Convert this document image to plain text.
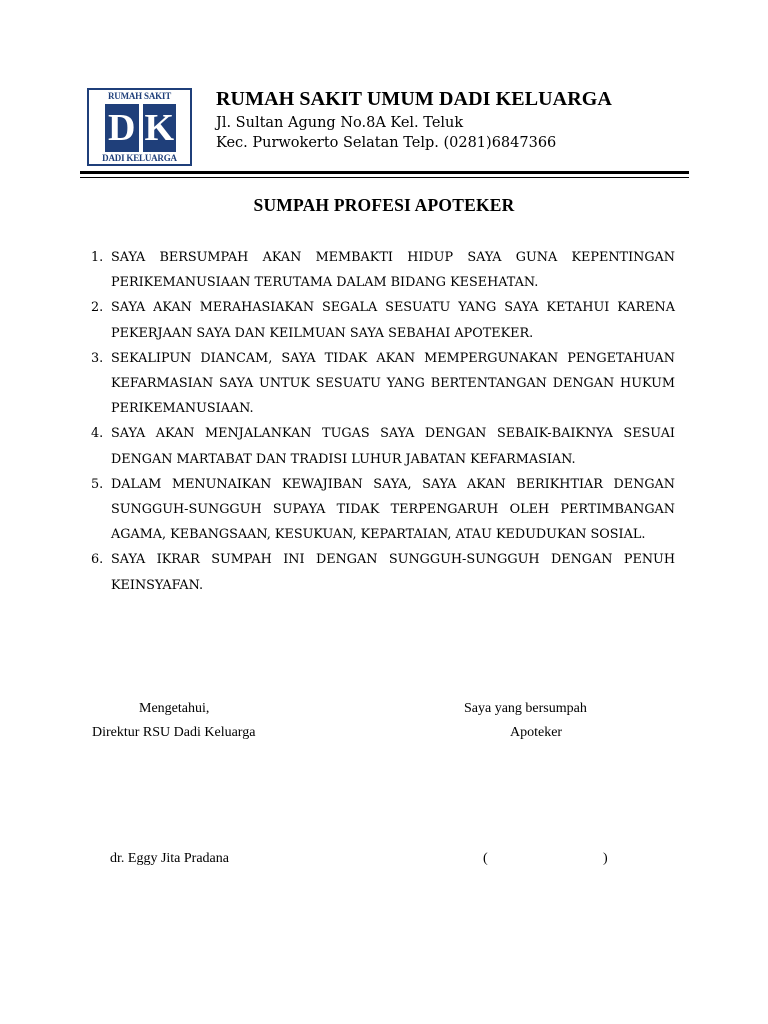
RUMAH SAKIT
D K
DADI KELUARGA
RUMAH SAKIT UMUM DADI KELUARGA
Jl. Sultan Agung No.8A Kel. Teluk
Kec. Purwokerto Selatan Telp. (0281)6847366
SUMPAH PROFESI APOTEKER
1. SAYA BERSUMPAH AKAN MEMBAKTI HIDUP SAYA GUNA KEPENTINGAN PERIKEMANUSIAAN TERUTAMA DALAM BIDANG KESEHATAN.
2. SAYA AKAN MERAHASIAKAN SEGALA SESUATU YANG SAYA KETAHUI KARENA PEKERJAAN SAYA DAN KEILMUAN SAYA SEBAHAI APOTEKER.
3. SEKALIPUN DIANCAM, SAYA TIDAK AKAN MEMPERGUNAKAN PENGETAHUAN KEFARMASIAN SAYA UNTUK SESUATU YANG BERTENTANGAN DENGAN HUKUM PERIKEMANUSIAAN.
4. SAYA AKAN MENJALANKAN TUGAS SAYA DENGAN SEBAIK-BAIKNYA SESUAI DENGAN MARTABAT DAN TRADISI LUHUR JABATAN KEFARMASIAN.
5. DALAM MENUNAIKAN KEWAJIBAN SAYA, SAYA AKAN BERIKHTIAR DENGAN SUNGGUH-SUNGGUH SUPAYA TIDAK TERPENGARUH OLEH PERTIMBANGAN AGAMA, KEBANGSAAN, KESUKUAN, KEPARTAIAN, ATAU KEDUDUKAN SOSIAL.
6. SAYA IKRAR SUMPAH INI DENGAN SUNGGUH-SUNGGUH DENGAN PENUH KEINSYAFAN.
Mengetahui,
Direktur RSU Dadi Keluarga
Saya yang bersumpah
Apoteker
dr. Eggy Jita Pradana	(	)
